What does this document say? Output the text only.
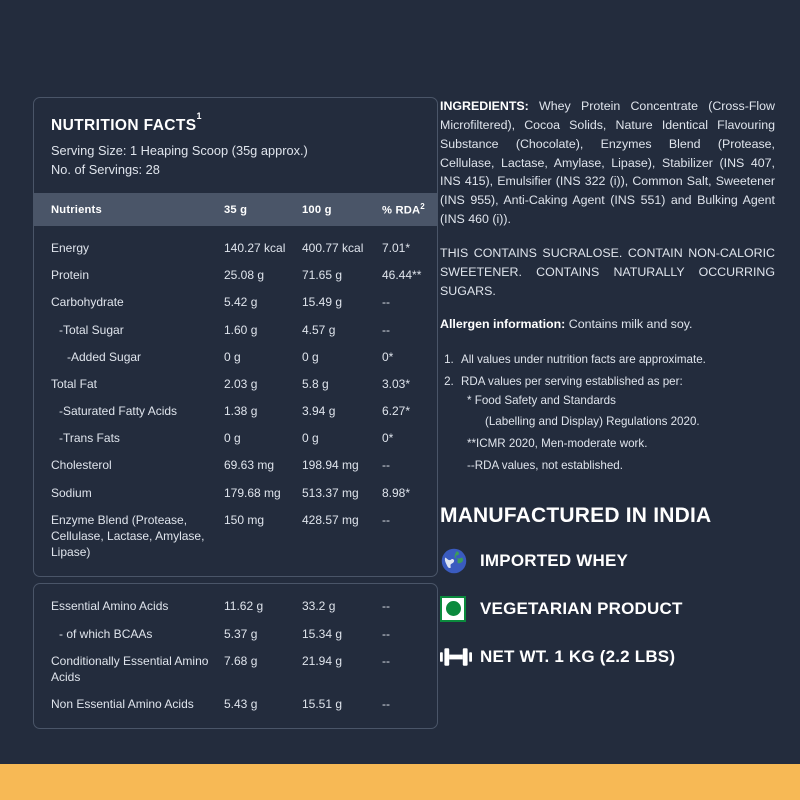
NUTRITION FACTS$^1$
Serving Size: 1 Heaping Scoop (35g approx.)
No. of Servings: 28
Nutrients	35 g	100 g	% RDA$^2$
Energy	140.27 kcal	400.77 kcal	7.01*
Protein	25.08 g	71.65 g	46.44**
Carbohydrate	5.42 g	15.49 g	--
-Total Sugar	1.60 g	4.57 g	--
-Added Sugar	0 g	0 g	0*
Total Fat	2.03 g	5.8 g	3.03*
-Saturated Fatty Acids	1.38 g	3.94 g	6.27*
-Trans Fats	0 g	0 g	0*
Cholesterol	69.63 mg	198.94 mg	--
Sodium	179.68 mg	513.37 mg	8.98*
Enzyme Blend (Protease, Cellulase, Lactase, Amylase, Lipase)	150 mg	428.57 mg	--
Essential Amino Acids	11.62 g	33.2 g	--
- of which BCAAs	5.37 g	15.34 g	--
Conditionally Essential Amino Acids	7.68 g	21.94 g	--
Non Essential Amino Acids	5.43 g	15.51 g	--

INGREDIENTS: Whey Protein Concentrate (Cross-Flow Microfiltered), Cocoa Solids, Nature Identical Flavouring Substance (Chocolate), Enzymes Blend (Protease, Cellulase, Lactase, Amylase, Lipase), Stabilizer (INS 407, INS 415), Emulsifier (INS 322 (i)), Common Salt, Sweetener (INS 955), Anti-Caking Agent (INS 551) and Bulking Agent (INS 460 (i)).

THIS CONTAINS SUCRALOSE. CONTAIN NON-CALORIC SWEETENER. CONTAINS NATURALLY OCCURRING SUGARS.

Allergen information: Contains milk and soy.

1. All values under nutrition facts are approximate.
2. RDA values per serving established as per:
* Food Safety and Standards
(Labelling and Display) Regulations 2020.
**ICMR 2020, Men-moderate work.
--RDA values, not established.
MANUFACTURED IN INDIA
IMPORTED WHEY
VEGETARIAN PRODUCT
NET WT. 1 KG (2.2 LBS)
